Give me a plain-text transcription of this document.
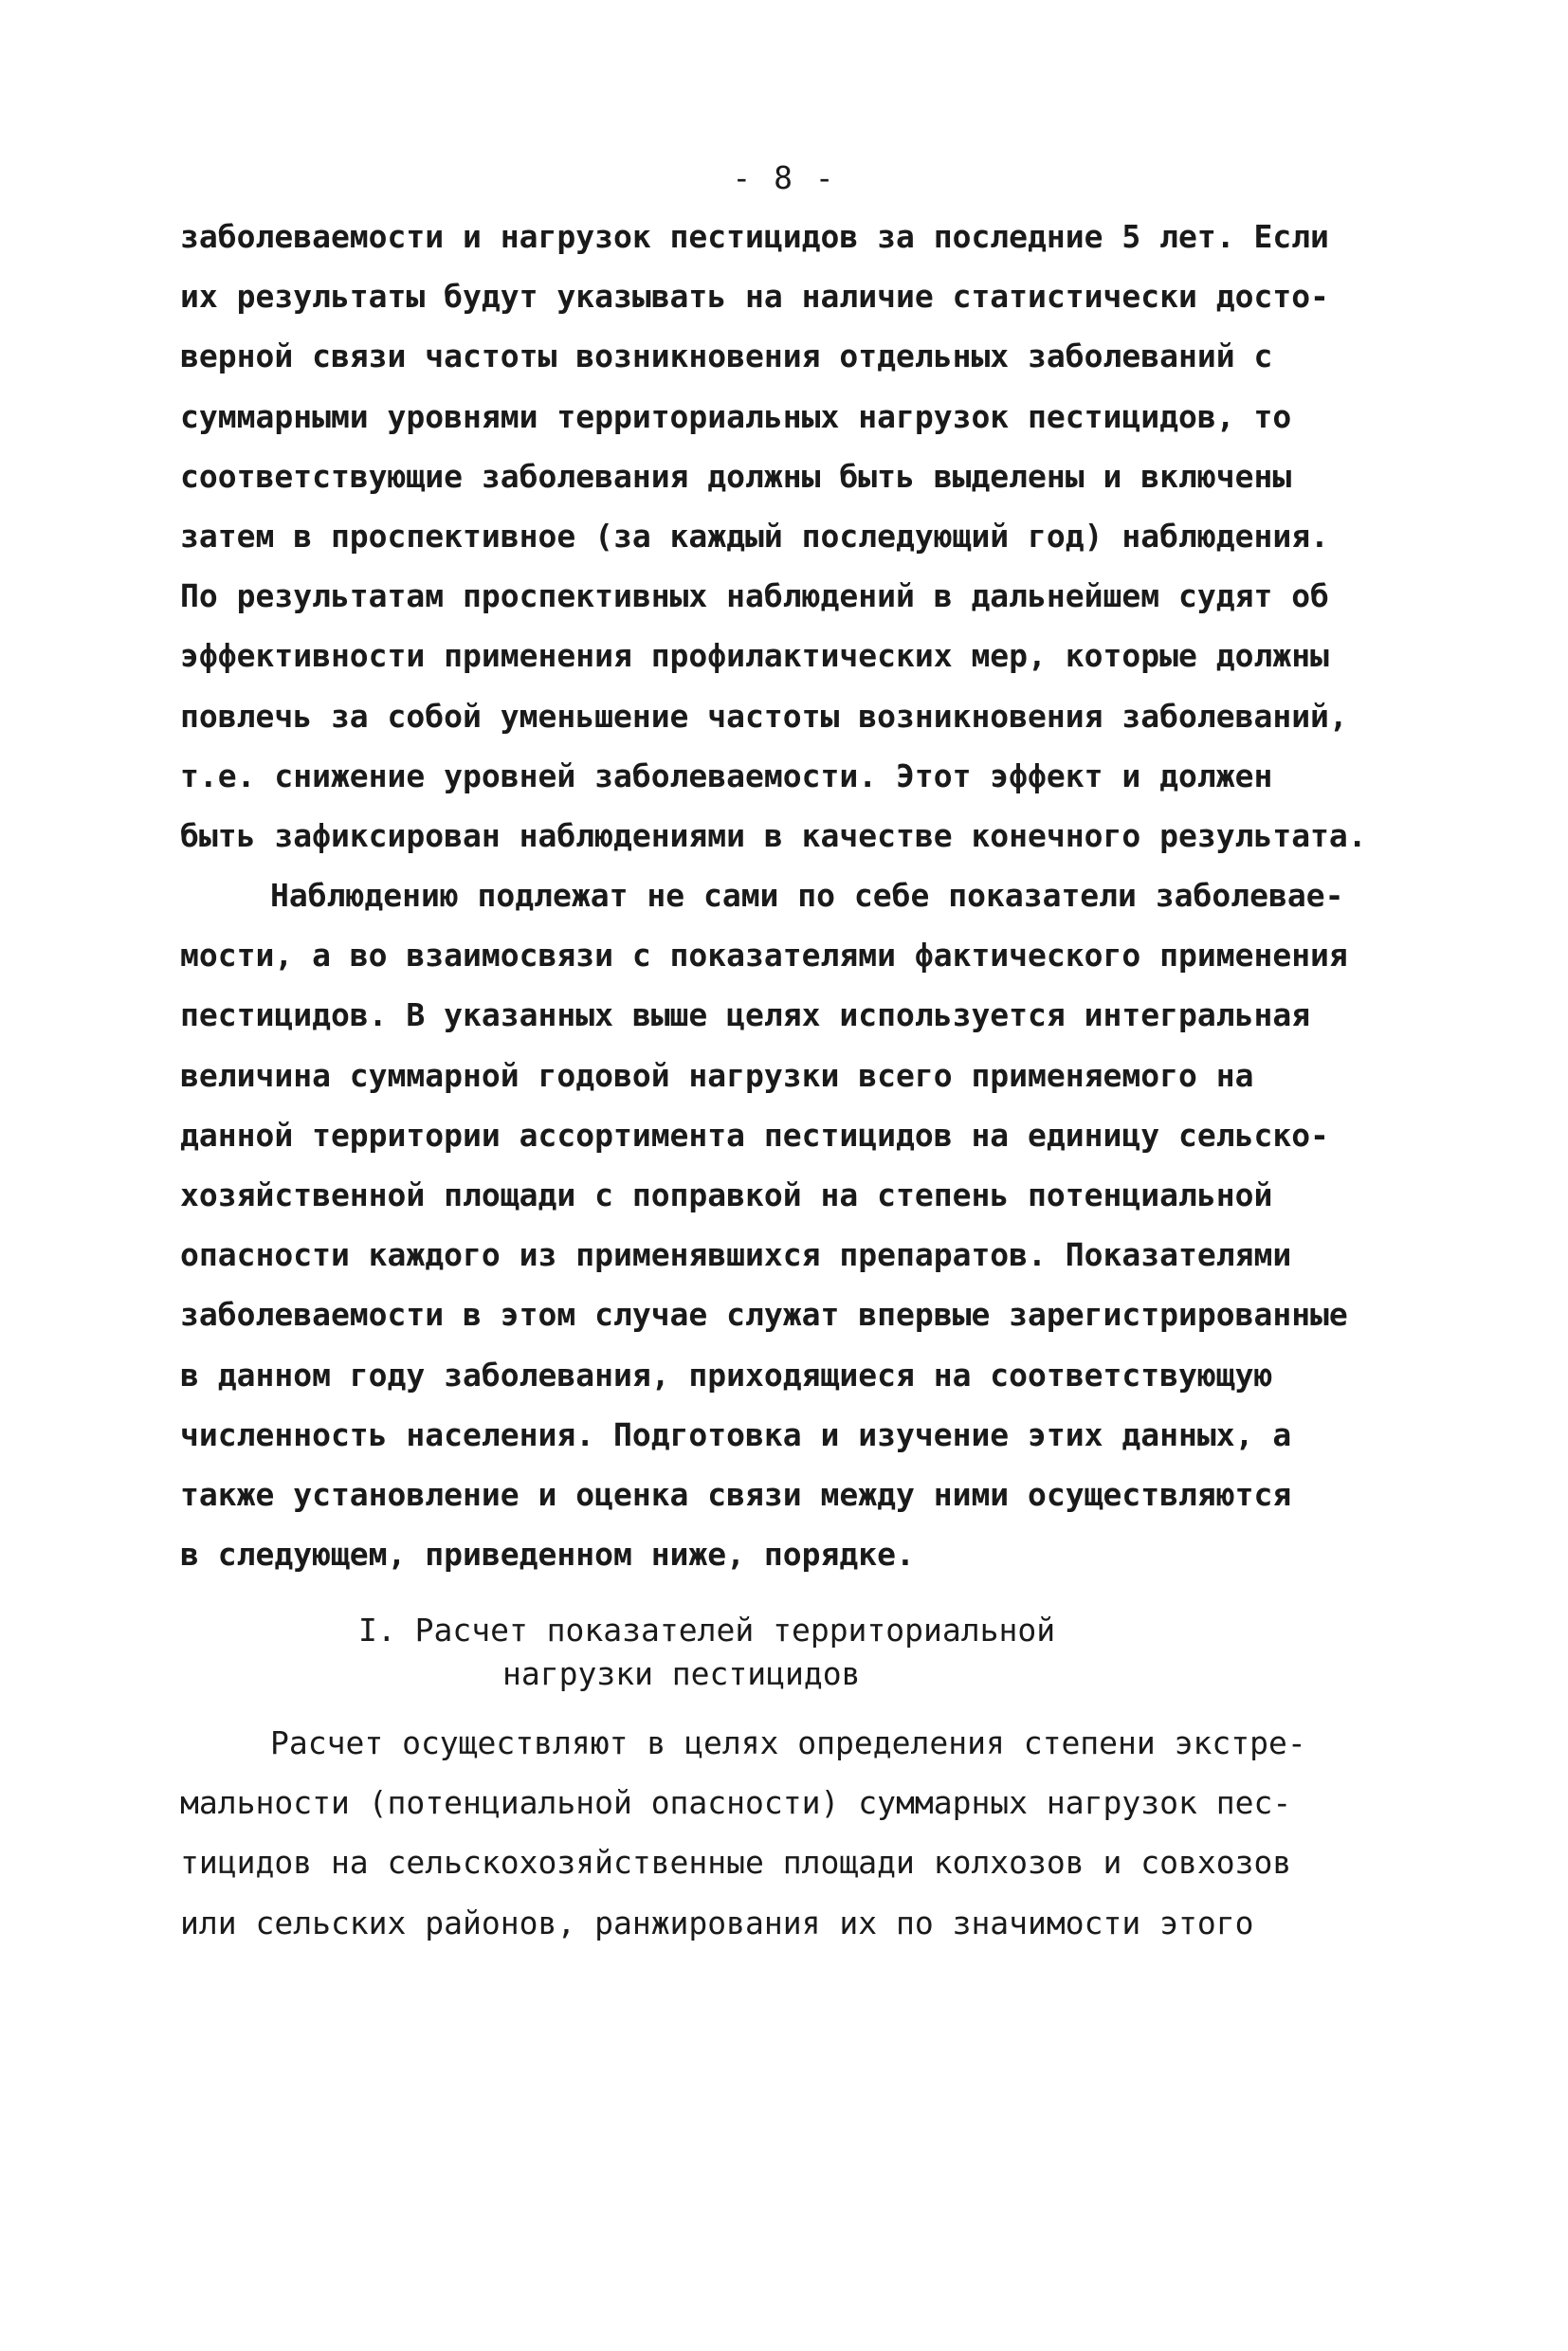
- 8 -
заболеваемости и нагрузок пестицидов за последние 5 лет. Если
их результаты будут указывать на наличие статистически досто-
верной связи частоты возникновения отдельных заболеваний с
суммарными уровнями территориальных нагрузок пестицидов, то
соответствующие заболевания должны быть выделены и включены
затем в проспективное (за каждый последующий год) наблюдения.
По результатам проспективных наблюдений в дальнейшем судят об
эффективности применения профилактических мер, которые должны
повлечь за собой уменьшение частоты возникновения заболеваний,
т.е. снижение уровней заболеваемости. Этот эффект и должен
быть зафиксирован наблюдениями в качестве конечного результата.
Наблюдению подлежат не сами по себе показатели заболевае-
мости, а во взаимосвязи с показателями фактического применения
пестицидов. В указанных выше целях используется интегральная
величина суммарной годовой нагрузки всего применяемого на
данной территории ассортимента пестицидов на единицу сельско-
хозяйственной площади с поправкой на степень потенциальной
опасности каждого из применявшихся препаратов. Показателями
заболеваемости в этом случае служат впервые зарегистрированные
в данном году заболевания, приходящиеся на соответствующую
численность населения. Подготовка и изучение этих данных, а
также установление и оценка связи между ними осуществляются
в следующем, приведенном ниже, порядке.
I. Расчет показателей территориальной
нагрузки пестицидов
Расчет осуществляют в целях определения степени экстре-
мальности (потенциальной опасности) суммарных нагрузок пес-
тицидов на сельскохозяйственные площади колхозов и совхозов
или сельских районов, ранжирования их по значимости этого
